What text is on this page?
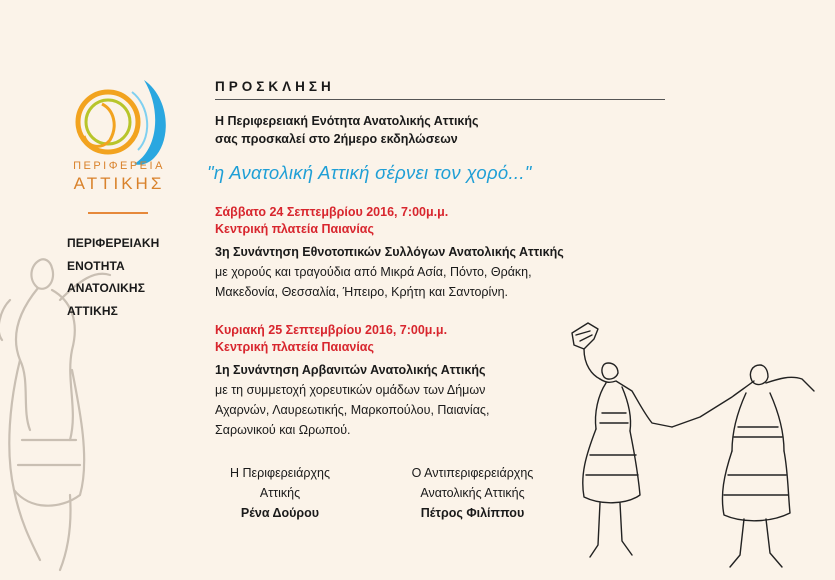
ΠΕΡΙΦΕΡΕΙΑ
ΑΤΤΙΚΗΣ
ΠΕΡΙΦΕΡΕΙΑΚΗ
ΕΝΟΤΗΤΑ
ΑΝΑΤΟΛΙΚΗΣ
ΑΤΤΙΚΗΣ
ΠΡΟΣΚΛΗΣΗ
Η Περιφερειακή Ενότητα Ανατολικής Αττικής
σας προσκαλεί στο 2ήμερο εκδηλώσεων
"η Ανατολική Αττική σέρνει τον χορό..."
Σάββατο 24 Σεπτεμβρίου 2016, 7:00μ.μ.
Κεντρική πλατεία Παιανίας
3η Συνάντηση Εθνοτοπικών Συλλόγων Ανατολικής Αττικής
με χορούς και τραγούδια από Μικρά Ασία, Πόντο, Θράκη,
Μακεδονία, Θεσσαλία, Ήπειρο, Κρήτη και Σαντορίνη.
Κυριακή 25 Σεπτεμβρίου 2016, 7:00μ.μ.
Κεντρική πλατεία Παιανίας
1η Συνάντηση Αρβανιτών Ανατολικής Αττικής
με τη συμμετοχή χορευτικών ομάδων των Δήμων
Αχαρνών, Λαυρεωτικής, Μαρκοπούλου, Παιανίας,
Σαρωνικού και Ωρωπού.
Η Περιφερειάρχης
Αττικής
Ρένα Δούρου
Ο Αντιπεριφερειάρχης
Ανατολικής Αττικής
Πέτρος Φιλίππου
